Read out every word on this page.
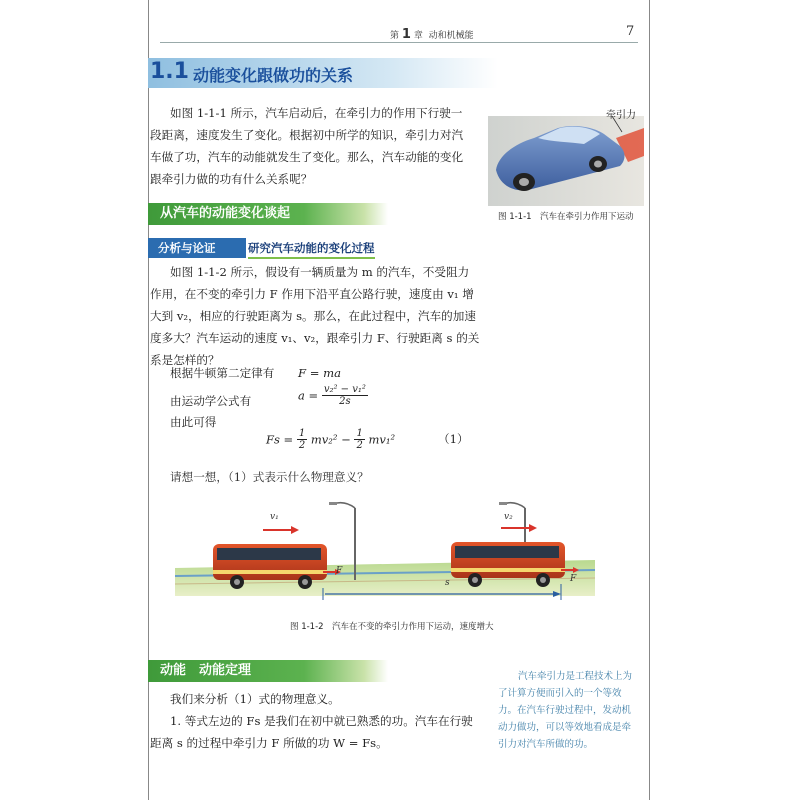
第 1 章 动和机械能	7
1.1 动能变化跟做功的关系
如图 1-1-1 所示，汽车启动后，在牵引力的作用下行驶一
段距离，速度发生了变化。根据初中所学的知识，牵引力对汽
车做了功，汽车的动能就发生了变化。那么，汽车动能的变化
跟牵引力做的功有什么关系呢？
牵引力
图 1-1-1　汽车在牵引力作用下运动
从汽车的动能变化谈起
分析与论证	研究汽车动能的变化过程
如图 1-1-2 所示，假设有一辆质量为 m 的汽车，不受阻力
作用，在不变的牵引力 F 作用下沿平直公路行驶，速度由 v₁ 增
大到 v₂，相应的行驶距离为 s。那么，在此过程中，汽车的加速
度多大？汽车运动的速度 v₁、v₂，跟牵引力 F、行驶距离 s 的关
系是怎样的？
根据牛顿第二定律有 F = ma
由运动学公式有	$a = \frac{\text{v₂² − v₁²}}{2s}$
由此可得
$Fs = \frac{1}{2} mv_2^2 - \frac{1}{2} mv_1^2$	（1）
请想一想，（1）式表示什么物理意义？
v₁	v₂
F
F
s
图 1-1-2　汽车在不变的牵引力作用下运动，速度增大
动能　动能定理
我们来分析（1）式的物理意义。
1. 等式左边的 Fs 是我们在初中就已熟悉的功。汽车在行驶
距离 s 的过程中牵引力 F 所做的功 W = Fs。
汽车牵引力是工程技术上为
了计算方便而引入的一个等效
力。在汽车行驶过程中，发动机
动力做功，可以等效地看成是牵
引力对汽车所做的功。
